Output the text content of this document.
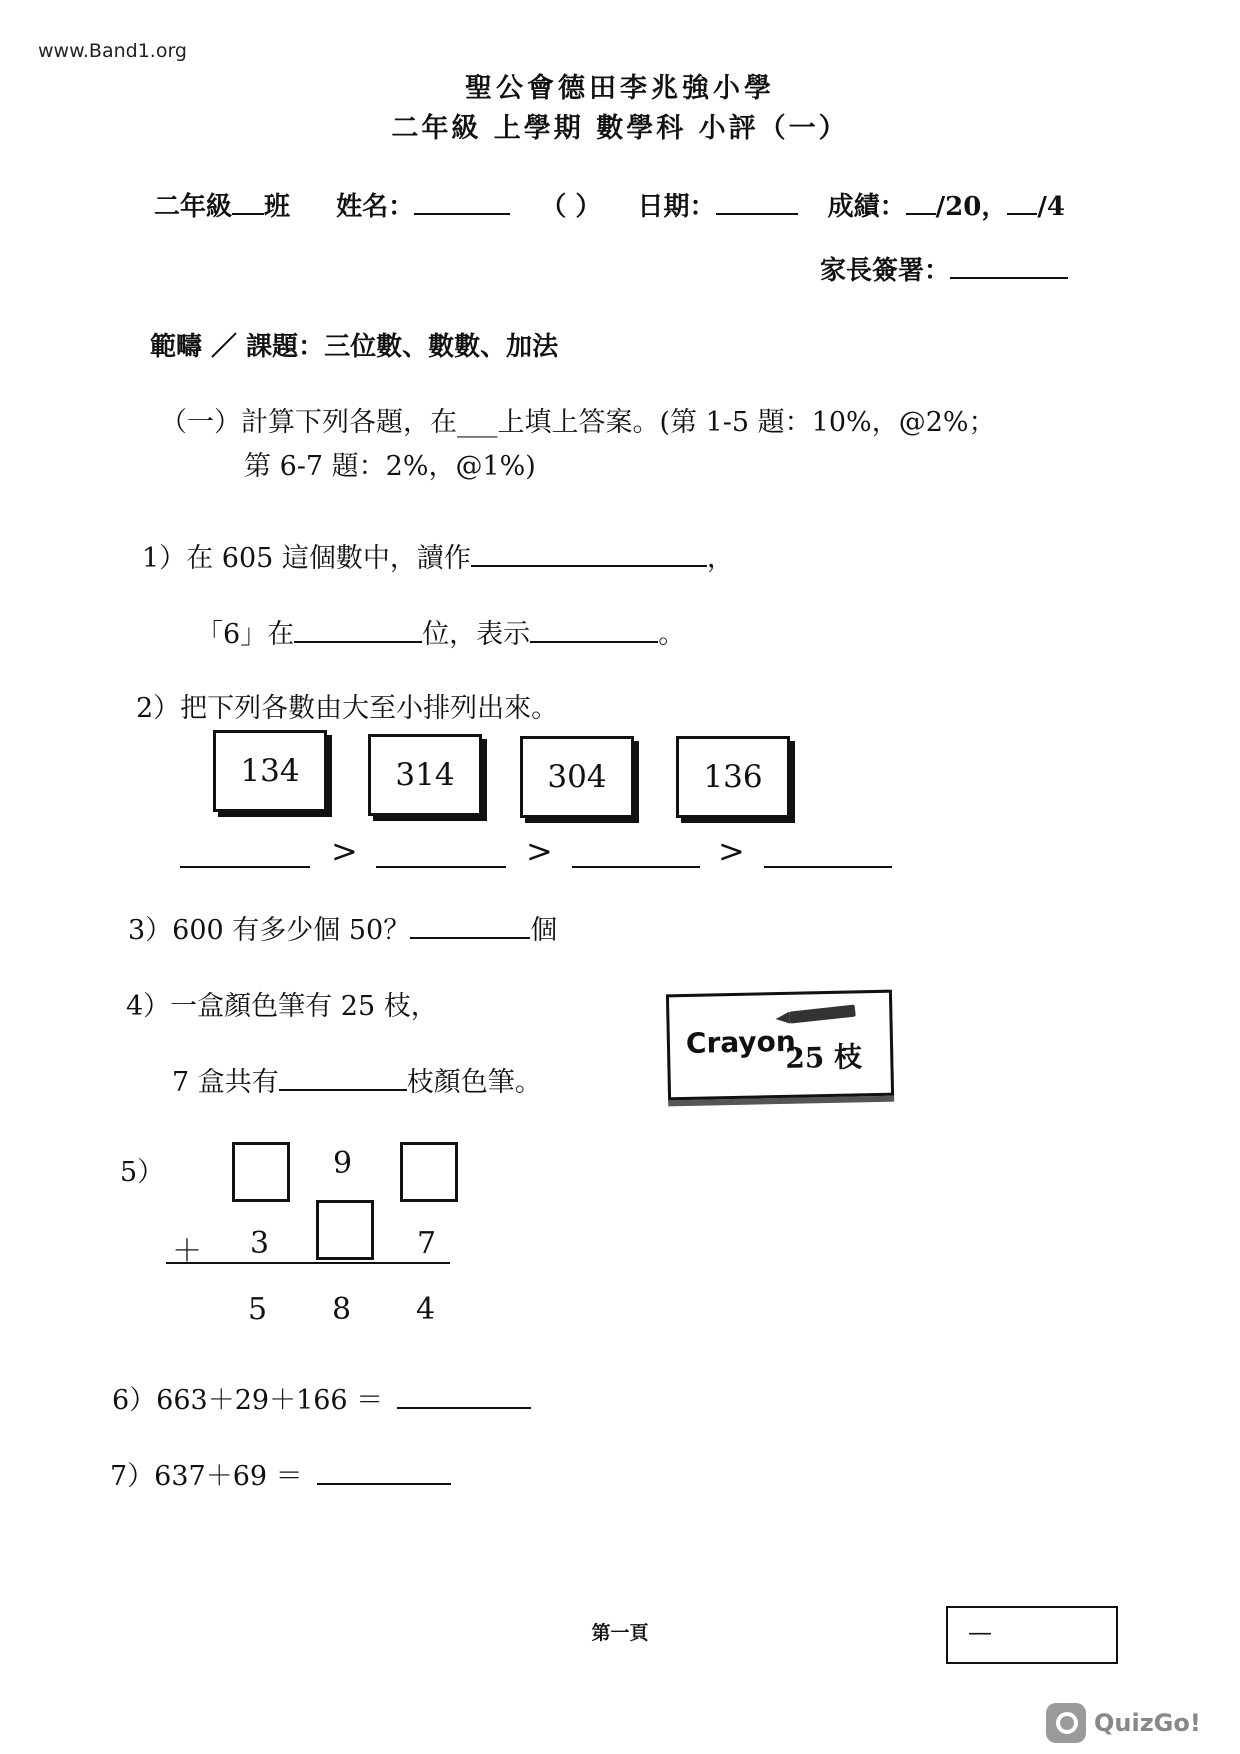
www.Band1.org
聖公會德田李兆強小學
二年級 上學期 數學科 小評（一）
二年級 班 姓名：	（ ） 日期：	成績： /20， /4
家長簽署：
範疇 ／ 課題：三位數、數數、加法
（一）計算下列各題，在___上填上答案。(第 1-5 題：10%，@2%；
第 6-7 題：2%，@1%)
1）在 605 這個數中，讀作	，
「6」在	位，表示	。
2）把下列各數由大至小排列出來。
134	314	304	136
>	>	>
3）600 有多少個 50？	個
4）一盒顏色筆有 25 枝，
7 盒共有	枝顏色筆。
Crayon
25 枝
5）	9
＋ 3	7
5 8 4
6）663＋29＋166 ＝
7）637＋69 ＝
第一頁	—
QuizGo!
